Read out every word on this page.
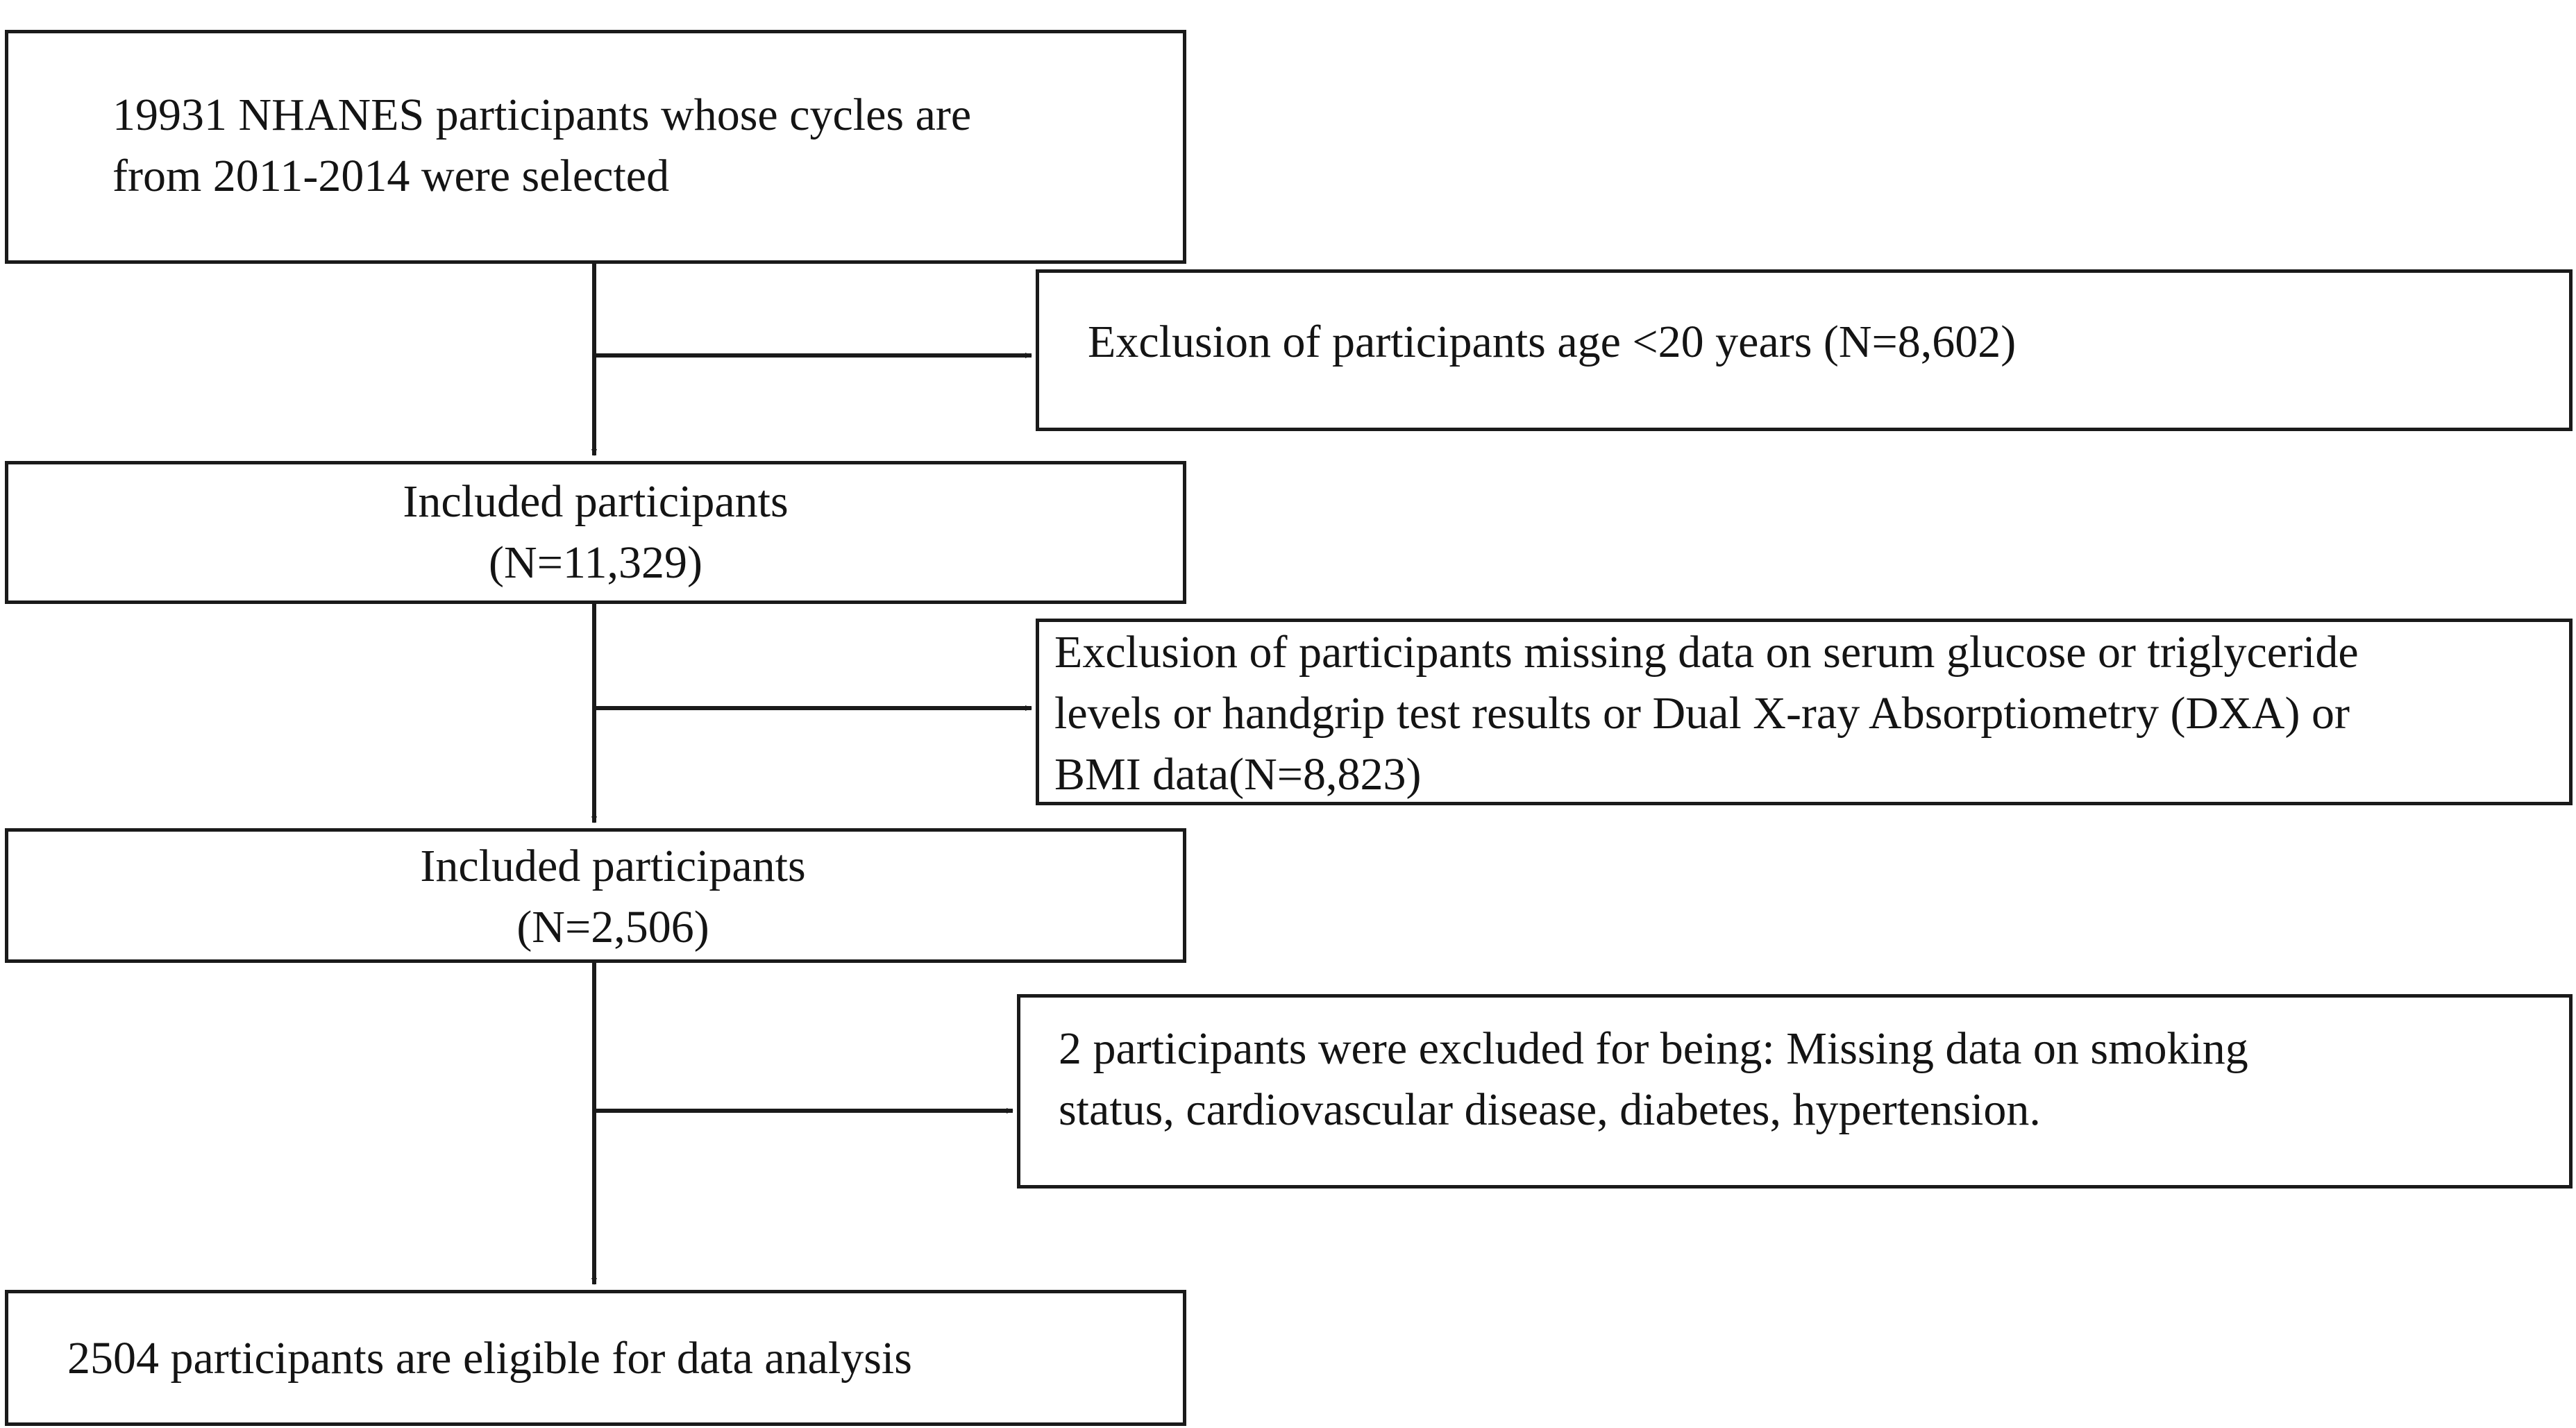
19931 NHANES participants whose cycles are
from 2011-2014 were selected
Included participants
(N=11,329)
Included participants
(N=2,506)
2504 participants are eligible for data analysis
Exclusion of participants age <20 years (N=8,602)
Exclusion of participants missing data on serum glucose or triglyceride
levels or handgrip test results or Dual X-ray Absorptiometry (DXA) or
BMI data(N=8,823)
2 participants were excluded for being: Missing data on smoking
status, cardiovascular disease, diabetes, hypertension.
